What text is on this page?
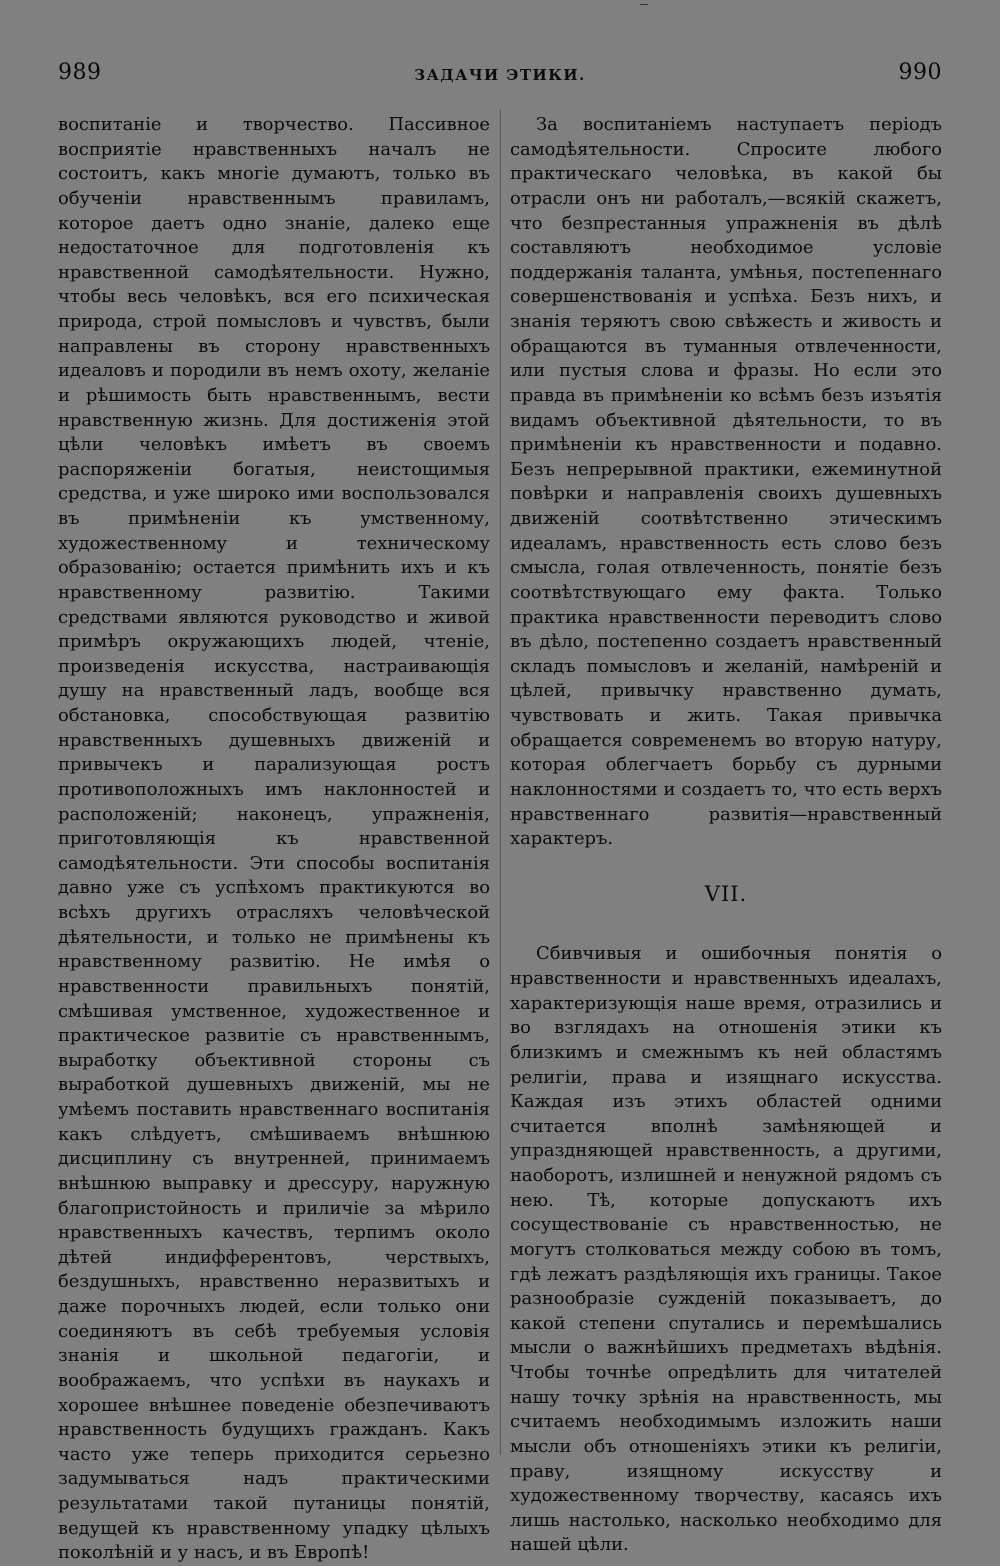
989	ЗАДАЧИ ЭТИКИ.	990

воспитаніе и творчество. Пассивное восприятіе нравственныхъ началъ не состоитъ, какъ многіе думаютъ, только въ обученіи нравственнымъ правиламъ, которое даетъ одно знаніе, далеко еще недостаточное для подготовленія къ нравственной самодѣятельности. Нужно, чтобы весь человѣкъ, вся его психическая природа, строй помысловъ и чувствъ, были направлены въ сторону нравственныхъ идеаловъ и породили въ немъ охоту, желаніе и рѣшимость быть нравственнымъ, вести нравственную жизнь. Для достиженія этой цѣли человѣкъ имѣетъ въ своемъ распоряженіи богатыя, неистощимыя средства, и уже широко ими воспользовался въ примѣненіи къ умственному, художественному и техническому образованію; остается примѣнить ихъ и къ нравственному развитію. Такими средствами являются руководство и живой примѣръ окружающихъ людей, чтеніе, произведенія искусства, настраивающія душу на нравственный ладъ, вообще вся обстановка, способствующая развитію нравственныхъ душевныхъ движеній и привычекъ и парализующая ростъ противоположныхъ имъ наклонностей и расположеній; наконецъ, упражненія, приготовляющія къ нравственной самодѣятельности. Эти способы воспитанія давно уже съ успѣхомъ практикуются во всѣхъ другихъ отрасляхъ человѣческой дѣятельности, и только не примѣнены къ нравственному развитію. Не имѣя о нравственности правильныхъ понятій, смѣшивая умственное, художественное и практическое развитіе съ нравственнымъ, выработку объективной стороны съ выработкой душевныхъ движеній, мы не умѣемъ поставить нравственнаго воспитанія какъ слѣдуетъ, смѣшиваемъ внѣшнюю дисциплину съ внутренней, принимаемъ внѣшнюю выправку и дрессуру, наружную благопристойность и приличіе за мѣрило нравственныхъ качествъ, терпимъ около дѣтей индифферентовъ, черствыхъ, бездушныхъ, нравственно неразвитыхъ и даже порочныхъ людей, если только они соединяютъ въ себѣ требуемыя условія знанія и школьной педагогіи, и воображаемъ, что успѣхи въ наукахъ и хорошее внѣшнее поведеніе обезпечиваютъ нравственность будущихъ гражданъ. Какъ часто уже теперь приходится серьезно задумываться надъ практическими результатами такой путаницы понятій, ведущей къ нравственному упадку цѣлыхъ поколѣній и у насъ, и въ Европѣ!

За воспитаніемъ наступаетъ періодъ самодѣятельности. Спросите любого практическаго человѣка, въ какой бы отрасли онъ ни работалъ,—всякій скажетъ, что безпрестанныя упражненія въ дѣлѣ составляютъ необходимое условіе поддержанія таланта, умѣнья, постепеннаго совершенствованія и успѣха. Безъ нихъ, и знанія теряютъ свою свѣжесть и живость и обращаются въ туманныя отвлеченности, или пустыя слова и фразы. Но если это правда въ примѣненіи ко всѣмъ безъ изъятія видамъ объективной дѣятельности, то въ примѣненіи къ нравственности и подавно. Безъ непрерывной практики, ежеминутной повѣрки и направленія своихъ душевныхъ движеній соотвѣтственно этическимъ идеаламъ, нравственность есть слово безъ смысла, голая отвлеченность, понятіе безъ соотвѣтствующаго ему факта. Только практика нравственности переводитъ слово въ дѣло, постепенно создаетъ нравственный складъ помысловъ и желаній, намѣреній и цѣлей, привычку нравственно думать, чувствовать и жить. Такая привычка обращается современемъ во вторую натуру, которая облегчаетъ борьбу съ дурными наклонностями и создаетъ то, что есть верхъ нравственнаго развитія—нравственный характеръ.

VII.

Сбивчивыя и ошибочныя понятія о нравственности и нравственныхъ идеалахъ, характеризующія наше время, отразились и во взглядахъ на отношенія этики къ близкимъ и смежнымъ къ ней областямъ религіи, права и изящнаго искусства. Каждая изъ этихъ областей одними считается вполнѣ замѣняющей и упраздняющей нравственность, а другими, наоборотъ, излишней и ненужной рядомъ съ нею. Тѣ, которые допускаютъ ихъ сосуществованіе съ нравственностью, не могутъ столковаться между собою въ томъ, гдѣ лежатъ раздѣляющія ихъ границы. Такое разнообразіе сужденій показываетъ, до какой степени спутались и перемѣшались мысли о важнѣйшихъ предметахъ вѣдѣнія. Чтобы точнѣе опредѣлить для читателей нашу точку зрѣнія на нравственность, мы считаемъ необходимымъ изложить наши мысли объ отношеніяхъ этики къ религіи, праву, изящному искусству и художественному творчеству, касаясь ихъ лишь настолько, насколько необходимо для нашей цѣли.
